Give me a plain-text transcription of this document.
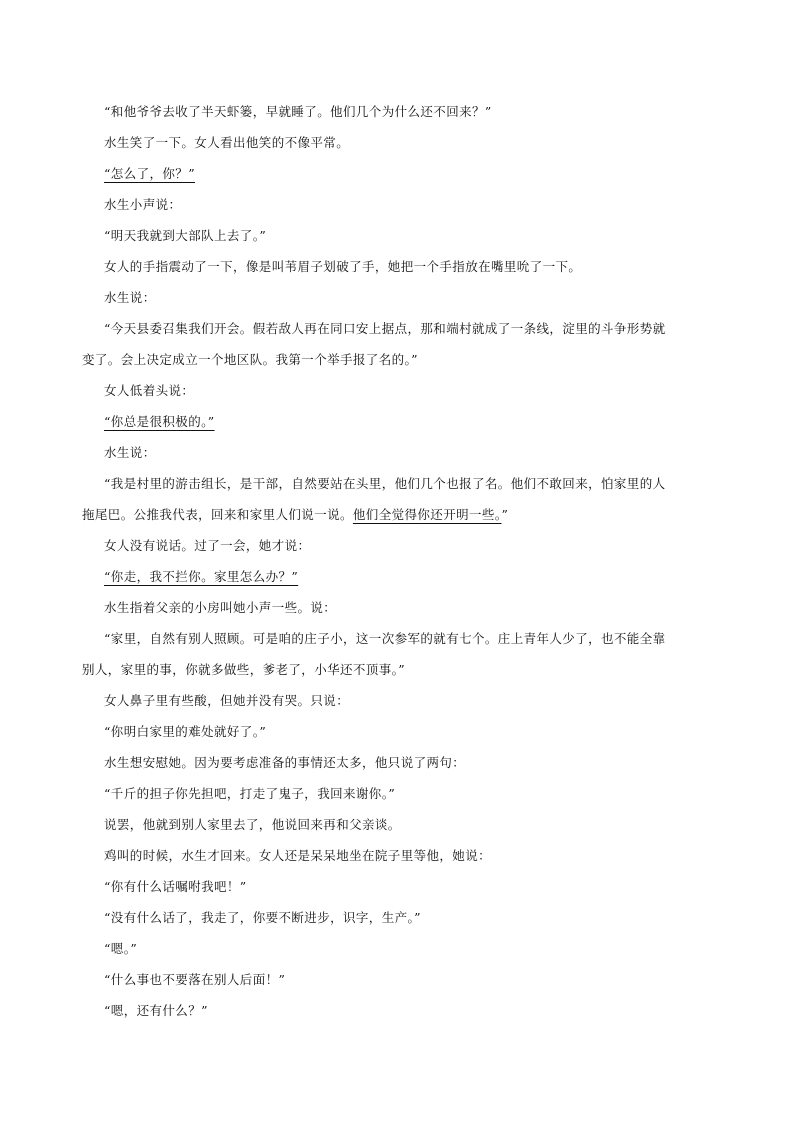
“和他爷爷去收了半天虾篓，早就睡了。他们几个为什么还不回来？”
水生笑了一下。女人看出他笑的不像平常。
“怎么了，你？”
水生小声说：
“明天我就到大部队上去了。”
女人的手指震动了一下，像是叫苇眉子划破了手，她把一个手指放在嘴里吮了一下。
水生说：
“今天县委召集我们开会。假若敌人再在同口安上据点，那和端村就成了一条线，淀里的斗争形势就
变了。会上决定成立一个地区队。我第一个举手报了名的。”
女人低着头说：
“你总是很积极的。”
水生说：
“我是村里的游击组长，是干部，自然要站在头里，他们几个也报了名。他们不敢回来，怕家里的人
拖尾巴。公推我代表，回来和家里人们说一说。他们全觉得你还开明一些。”
女人没有说话。过了一会，她才说：
“你走，我不拦你。家里怎么办？”
水生指着父亲的小房叫她小声一些。说：
“家里，自然有别人照顾。可是咱的庄子小，这一次参军的就有七个。庄上青年人少了，也不能全靠
别人，家里的事，你就多做些，爹老了，小华还不顶事。”
女人鼻子里有些酸，但她并没有哭。只说：
“你明白家里的难处就好了。”
水生想安慰她。因为要考虑准备的事情还太多，他只说了两句：
“千斤的担子你先担吧，打走了鬼子，我回来谢你。”
说罢，他就到别人家里去了，他说回来再和父亲谈。
鸡叫的时候，水生才回来。女人还是呆呆地坐在院子里等他，她说：
“你有什么话嘱咐我吧！”
“没有什么话了，我走了，你要不断进步，识字，生产。”
“嗯。”
“什么事也不要落在别人后面！”
“嗯，还有什么？”
